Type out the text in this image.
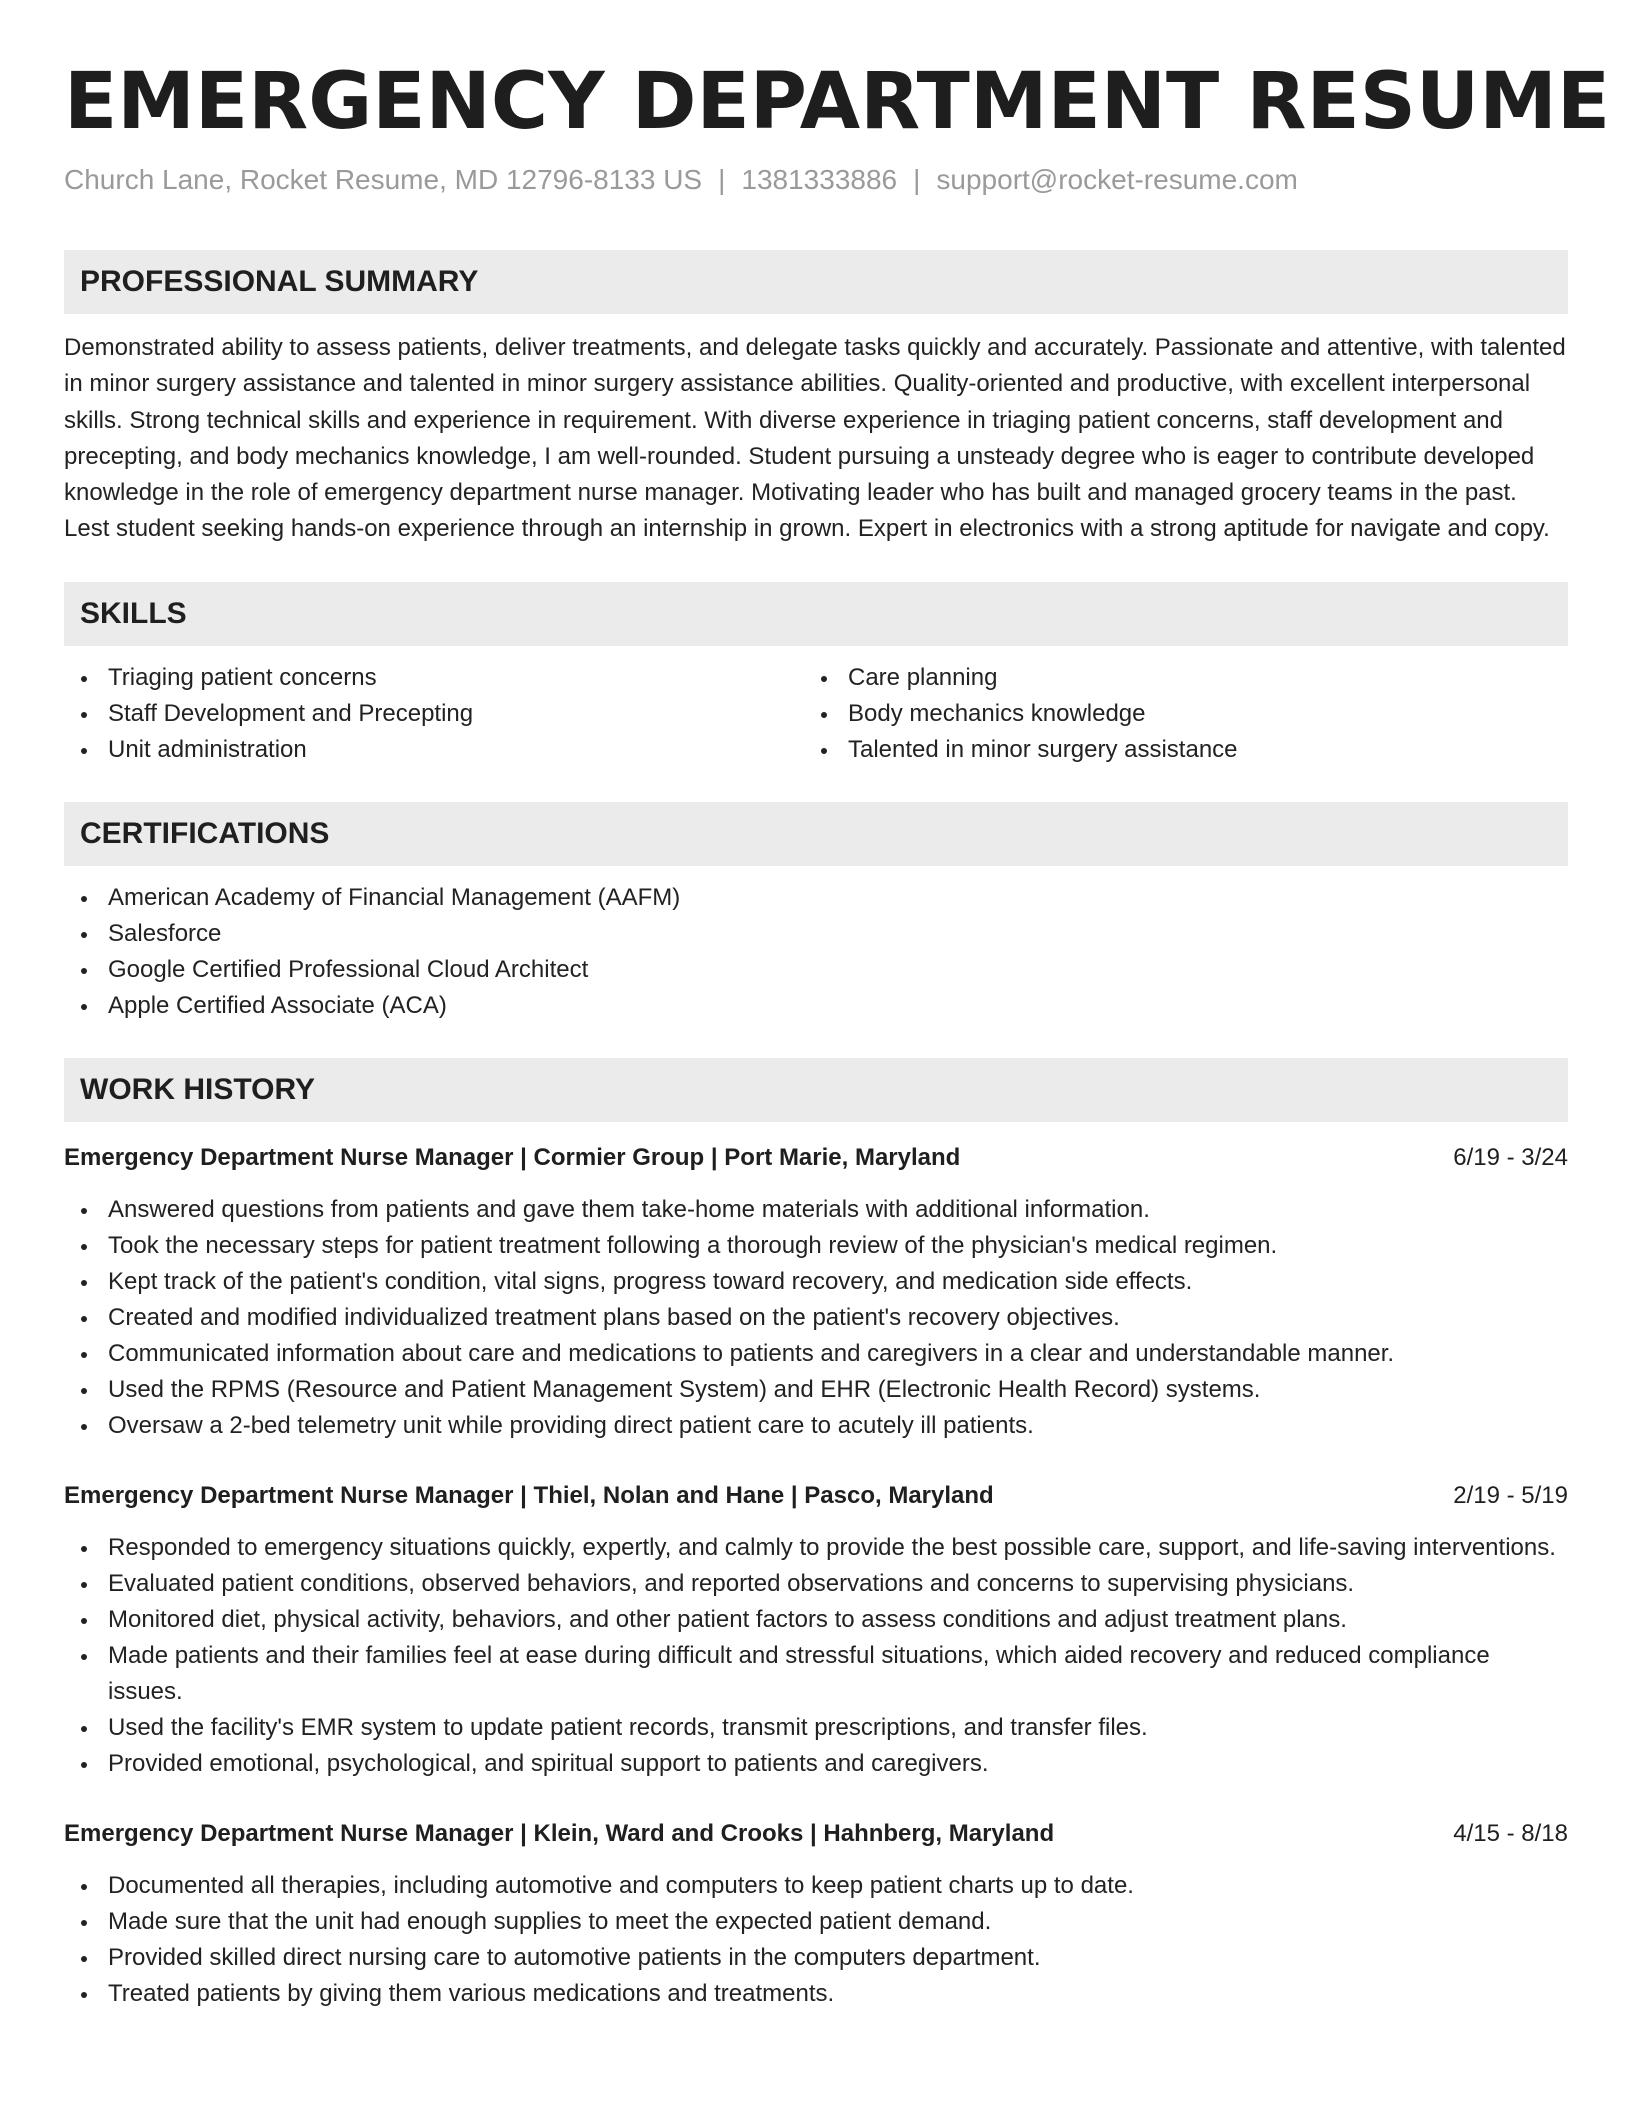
EMERGENCY DEPARTMENT RESUME
Church Lane, Rocket Resume, MD 12796-8133 US | 1381333886 | support@rocket-resume.com
PROFESSIONAL SUMMARY

Demonstrated ability to assess patients, deliver treatments, and delegate tasks quickly and accurately. Passionate and attentive, with talented in minor surgery assistance and talented in minor surgery assistance abilities. Quality-oriented and productive, with excellent interpersonal skills. Strong technical skills and experience in requirement. With diverse experience in triaging patient concerns, staff development and precepting, and body mechanics knowledge, I am well-rounded. Student pursuing a unsteady degree who is eager to contribute developed knowledge in the role of emergency department nurse manager. Motivating leader who has built and managed grocery teams in the past. Lest student seeking hands-on experience through an internship in grown. Expert in electronics with a strong aptitude for navigate and copy.

SKILLS
Triaging patient concerns
Staff Development and Precepting
Unit administration
Care planning
Body mechanics knowledge
Talented in minor surgery assistance
CERTIFICATIONS
American Academy of Financial Management (AAFM)
Salesforce
Google Certified Professional Cloud Architect
Apple Certified Associate (ACA)
WORK HISTORY
Emergency Department Nurse Manager | Cormier Group | Port Marie, Maryland	6/19 - 3/24
Answered questions from patients and gave them take-home materials with additional information.
Took the necessary steps for patient treatment following a thorough review of the physician's medical regimen.
Kept track of the patient's condition, vital signs, progress toward recovery, and medication side effects.
Created and modified individualized treatment plans based on the patient's recovery objectives.
Communicated information about care and medications to patients and caregivers in a clear and understandable manner.
Used the RPMS (Resource and Patient Management System) and EHR (Electronic Health Record) systems.
Oversaw a 2-bed telemetry unit while providing direct patient care to acutely ill patients.
Emergency Department Nurse Manager | Thiel, Nolan and Hane | Pasco, Maryland	2/19 - 5/19
Responded to emergency situations quickly, expertly, and calmly to provide the best possible care, support, and life-saving interventions.
Evaluated patient conditions, observed behaviors, and reported observations and concerns to supervising physicians.
Monitored diet, physical activity, behaviors, and other patient factors to assess conditions and adjust treatment plans.
Made patients and their families feel at ease during difficult and stressful situations, which aided recovery and reduced compliance issues.
Used the facility's EMR system to update patient records, transmit prescriptions, and transfer files.
Provided emotional, psychological, and spiritual support to patients and caregivers.
Emergency Department Nurse Manager | Klein, Ward and Crooks | Hahnberg, Maryland	4/15 - 8/18
Documented all therapies, including automotive and computers to keep patient charts up to date.
Made sure that the unit had enough supplies to meet the expected patient demand.
Provided skilled direct nursing care to automotive patients in the computers department.
Treated patients by giving them various medications and treatments.
